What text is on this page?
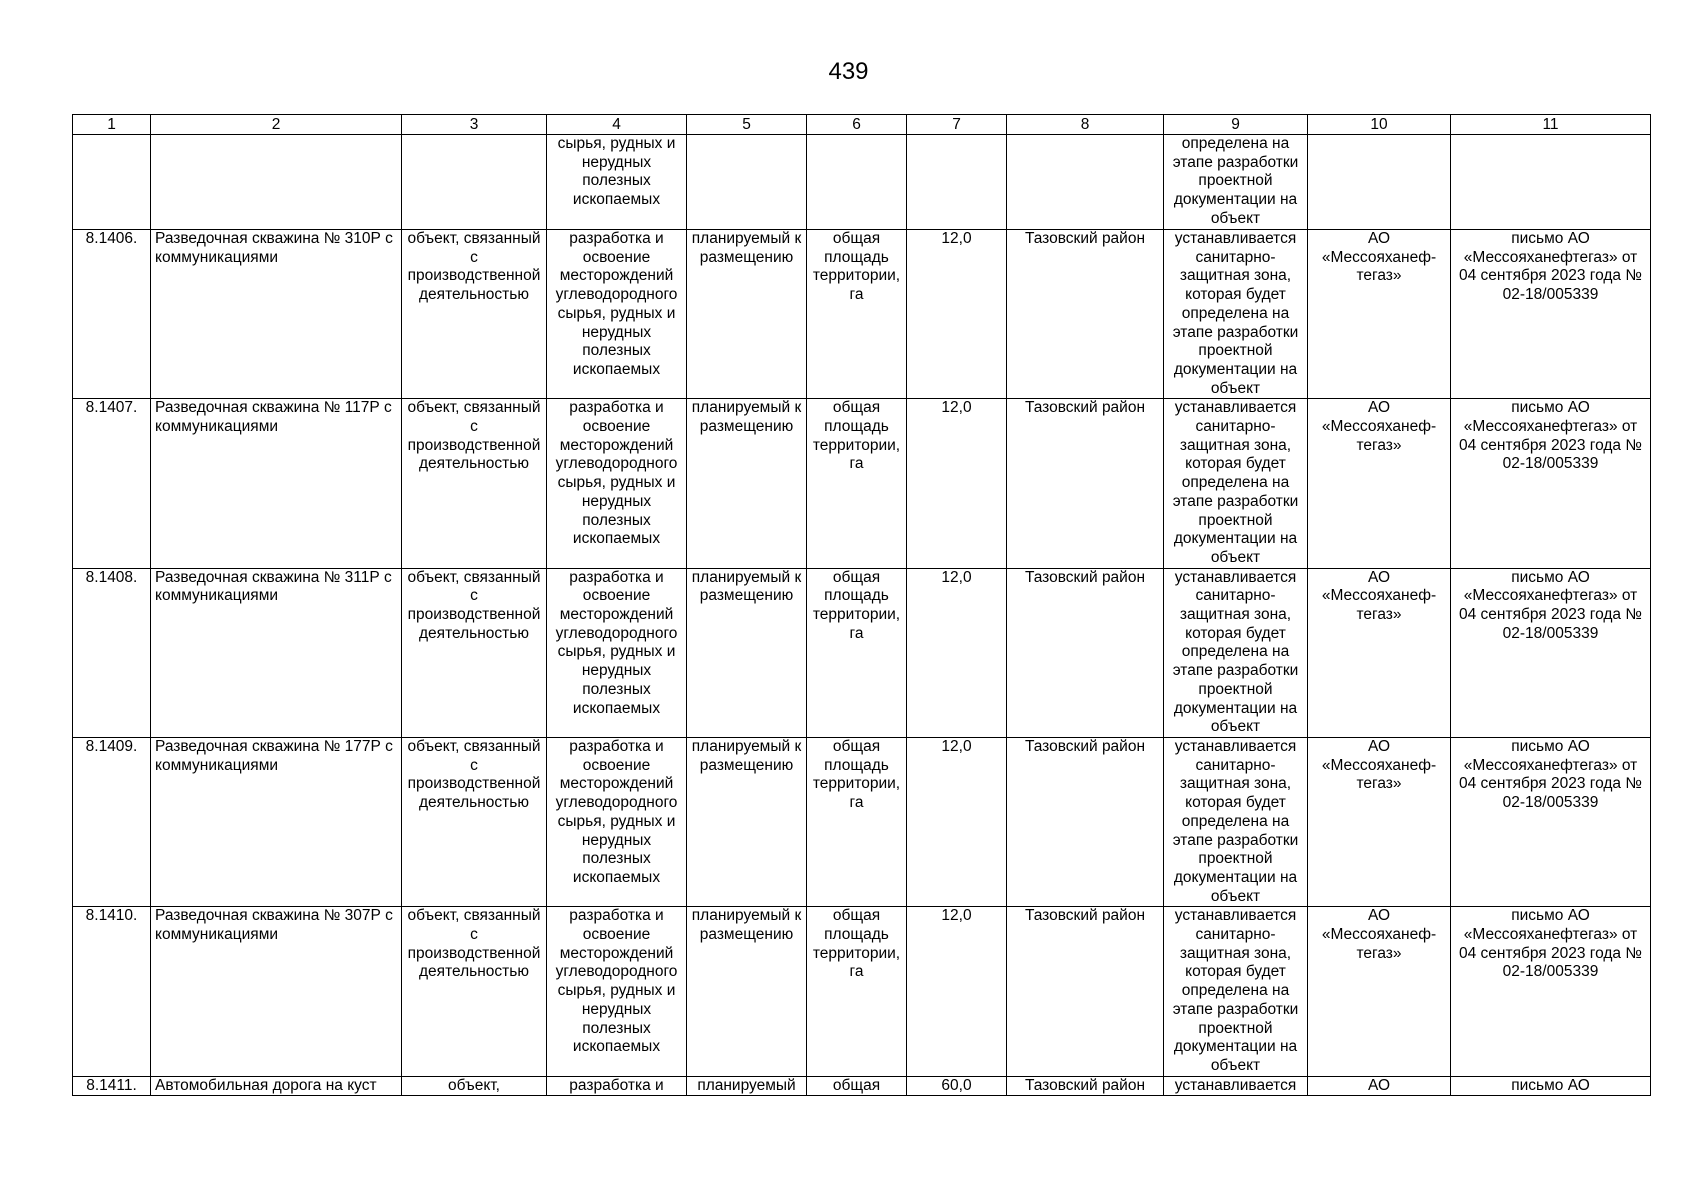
439
1	2	3	4	5	6	7	8	9	10	11
			сырья, рудных и нерудных полезных ископаемых					определена на этапе разработки проектной документации на объект		
8.1406.	Разведочная скважина № 310Р с коммуникациями	объект, связанный с производственной деятельностью	разработка и освоение месторождений углеводородного сырья, рудных и нерудных полезных ископаемых	планируемый к размещению	общая площадь территории, га	12,0	Тазовский район	устанавливается санитарно-защитная зона, которая будет определена на этапе разработки проектной документации на объект	АО «Мессояханеф-тегаз»	письмо АО «Мессояханефтегаз» от 04 сентября 2023 года № 02-18/005339
8.1407.	Разведочная скважина № 117Р с коммуникациями	объект, связанный с производственной деятельностью	разработка и освоение месторождений углеводородного сырья, рудных и нерудных полезных ископаемых	планируемый к размещению	общая площадь территории, га	12,0	Тазовский район	устанавливается санитарно-защитная зона, которая будет определена на этапе разработки проектной документации на объект	АО «Мессояханеф-тегаз»	письмо АО «Мессояханефтегаз» от 04 сентября 2023 года № 02-18/005339
8.1408.	Разведочная скважина № 311Р с коммуникациями	объект, связанный с производственной деятельностью	разработка и освоение месторождений углеводородного сырья, рудных и нерудных полезных ископаемых	планируемый к размещению	общая площадь территории, га	12,0	Тазовский район	устанавливается санитарно-защитная зона, которая будет определена на этапе разработки проектной документации на объект	АО «Мессояханеф-тегаз»	письмо АО «Мессояханефтегаз» от 04 сентября 2023 года № 02-18/005339
8.1409.	Разведочная скважина № 177Р с коммуникациями	объект, связанный с производственной деятельностью	разработка и освоение месторождений углеводородного сырья, рудных и нерудных полезных ископаемых	планируемый к размещению	общая площадь территории, га	12,0	Тазовский район	устанавливается санитарно-защитная зона, которая будет определена на этапе разработки проектной документации на объект	АО «Мессояханеф-тегаз»	письмо АО «Мессояханефтегаз» от 04 сентября 2023 года № 02-18/005339
8.1410.	Разведочная скважина № 307Р с коммуникациями	объект, связанный с производственной деятельностью	разработка и освоение месторождений углеводородного сырья, рудных и нерудных полезных ископаемых	планируемый к размещению	общая площадь территории, га	12,0	Тазовский район	устанавливается санитарно-защитная зона, которая будет определена на этапе разработки проектной документации на объект	АО «Мессояханеф-тегаз»	письмо АО «Мессояханефтегаз» от 04 сентября 2023 года № 02-18/005339
8.1411.	Автомобильная дорога на куст	объект,	разработка и	планируемый	общая	60,0	Тазовский район	устанавливается	АО	письмо АО
